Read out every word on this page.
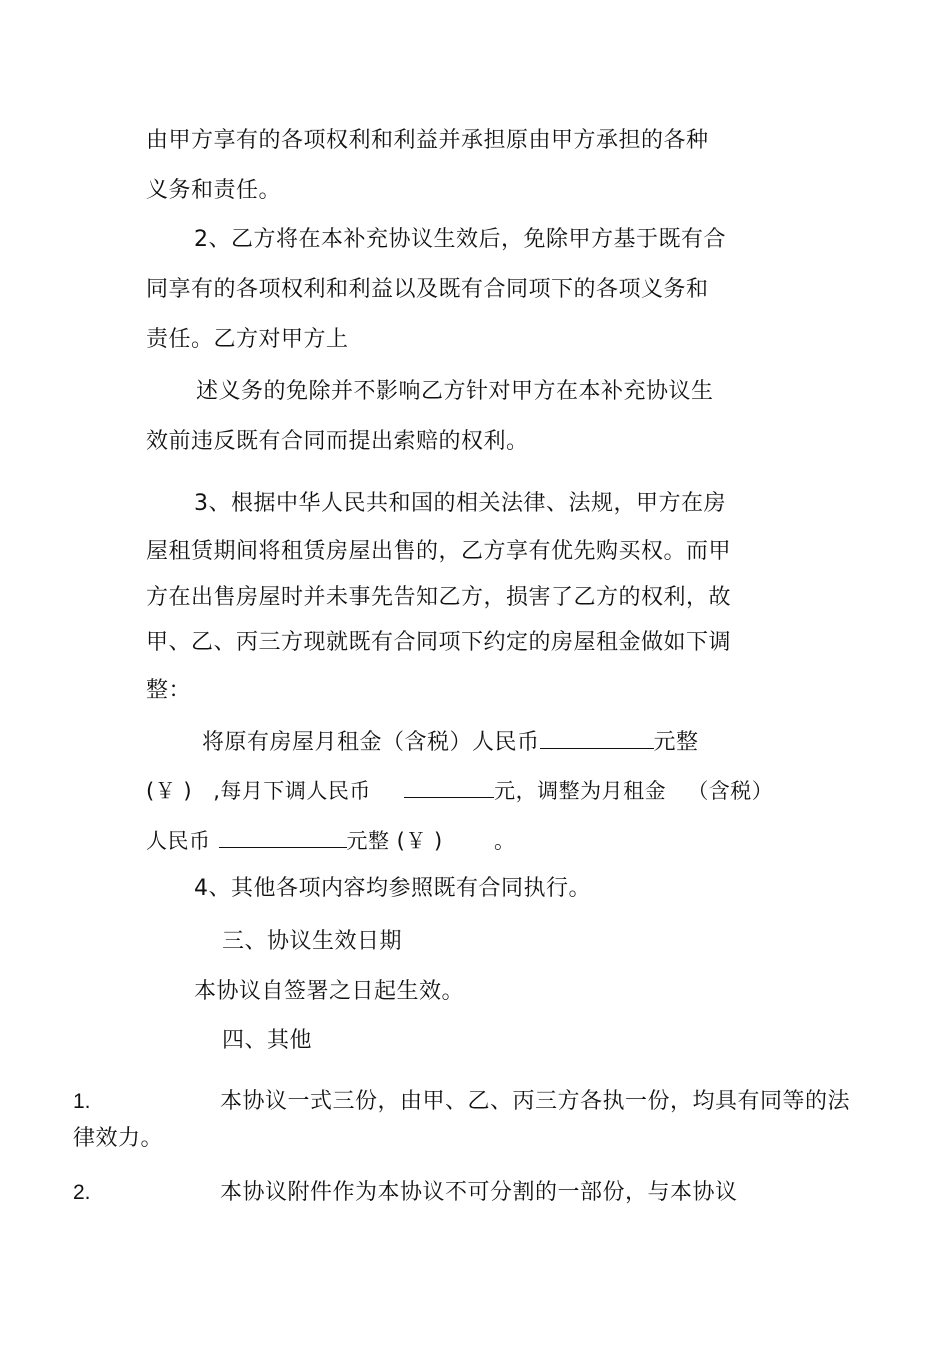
由甲方享有的各项权利和利益并承担原由甲方承担的各种
义务和责任。
2、乙方将在本补充协议生效后，免除甲方基于既有合
同享有的各项权利和利益以及既有合同项下的各项义务和
责任。乙方对甲方上
述义务的免除并不影响乙方针对甲方在本补充协议生
效前违反既有合同而提出索赔的权利。
3、根据中华人民共和国的相关法律、法规，甲方在房
屋租赁期间将租赁房屋出售的，乙方享有优先购买权。而甲
方在出售房屋时并未事先告知乙方，损害了乙方的权利，故
甲、乙、丙三方现就既有合同项下约定的房屋租金做如下调
整：
将原有房屋月租金（含税）人民币	元整
(￥ ) ,每月下调人民币	元，调整为月租金 （含税）
人民币	元整 (￥ ) 。
4、其他各项内容均参照既有合同执行。
三、协议生效日期
本协议自签署之日起生效。
四、其他
1.	本协议一式三份，由甲、乙、丙三方各执一份，均具有同等的法
律效力。
2.	本协议附件作为本协议不可分割的一部份，与本协议
